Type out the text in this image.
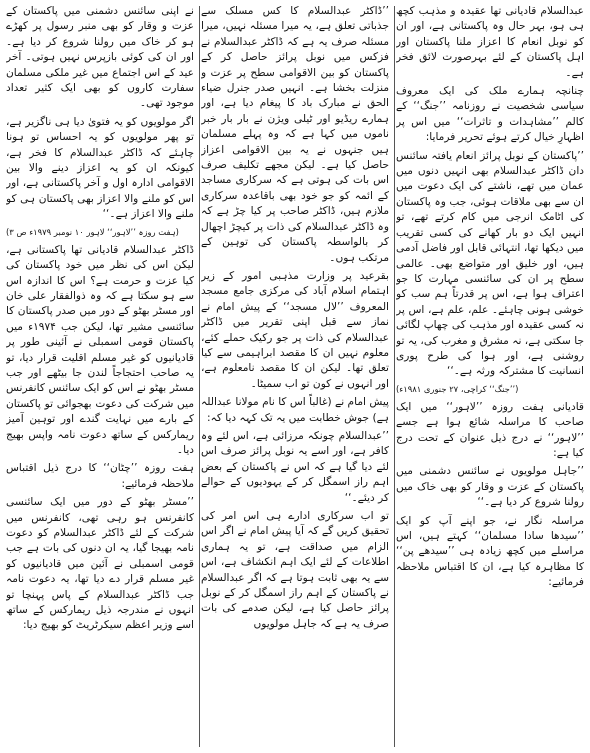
عبدالسلام قادیانی تھا عقیدہ و مذہب کچھ ہی ہو، بہر حال وہ پاکستانی ہے، اور ان کو نوبل انعام کا اعزاز ملنا پاکستان اور اہل پاکستان کے لئے بہرصورت لائق فخر ہے۔

چنانچہ ہمارے ملک کی ایک معروف سیاسی شخصیت نے روزنامہ ’’جنگ‘‘ کے کالم ’’مشاہدات و تاثرات‘‘ میں اس پر اظہارِ خیال کرتے ہوئے تحریر فرمایا:

’’پاکستان کے نوبل پرائز انعام یافتہ سائنس دان ڈاکٹر عبدالسلام بھی انہیں دنوں میں عمان میں تھے، ناشتے کی ایک دعوت میں ان سے بھی ملاقات ہوئی، جب وہ پاکستان کی اٹامک انرجی میں کام کرتے تھے، تو انہیں ایک دو بار کھانے کی کسی تقریب میں دیکھا تھا، انتہائی قابل اور فاضل آدمی ہیں، اور خلیق اور متواضع بھی۔ عالمی سطح پر ان کی سائنسی مہارت کا جو اعتراف ہوا ہے، اس پر قدرتاً ہم سب کو خوشی ہونی چاہئے۔ علم، علم ہے، اس پر نہ کسی عقیدہ اور مذہب کی چھاپ لگائی جا سکتی ہے، نہ مشرق و مغرب کی، یہ تو روشنی ہے، اور ہوا کی طرح پوری انسانیت کا مشترکہ ورثہ ہے۔‘‘

(’’جنگ‘‘ کراچی، ۲۷ جنوری ۱۹۸۱ء)

قادیانی ہفت روزہ ’’لاہور‘‘ میں ایک صاحب کا مراسلہ شائع ہوا ہے جسے ’’لاہور‘‘ نے درج ذیل عنوان کے تحت درج کیا ہے:

’’جاہل مولویوں نے سائنس دشمنی میں پاکستان کے عزت و وقار کو بھی خاک میں رولنا شروع کر دیا ہے۔‘‘

مراسلہ نگار نے، جو اپنے آپ کو ایک ’’سیدھا سادا مسلمان‘‘ کہتے ہیں، اس مراسلے میں کچھ زیادہ ہی ’’سیدھے پن‘‘ کا مظاہرہ کیا ہے، ان کا اقتباس ملاحظہ فرمائیے:

’’ڈاکٹر عبدالسلام کا کس مسلک سے جذباتی تعلق ہے، یہ میرا مسئلہ نہیں، میرا مسئلہ صرف یہ ہے کہ ڈاکٹر عبدالسلام نے فزکس میں نوبل پرائز حاصل کر کے پاکستان کو بین الاقوامی سطح پر عزت و منزلت بخشا ہے۔ انہیں صدر جنرل ضیاء الحق نے مبارک باد کا پیغام دیا ہے، اور ہمارے ریڈیو اور ٹیلی ویژن نے بار بار خبر ناموں میں کہا ہے کہ وہ پہلے مسلمان ہیں جنہوں نے یہ بین الاقوامی اعزاز حاصل کیا ہے۔ لیکن مجھے تکلیف صرف اس بات کی ہوتی ہے کہ سرکاری مساجد کے ائمہ کو جو خود بھی باقاعدہ سرکاری ملازم ہیں، ڈاکٹر صاحب پر کیا چڑ ہے کہ وہ ڈاکٹر عبدالسلام کی ذات پر کیچڑ اچھال کر بالواسطہ پاکستان کی توہین کے مرتکب ہوں۔

بقرعید پر وزارت مذہبی امور کے زیر اہتمام اسلام آباد کی مرکزی جامع مسجد المعروف ’’لال مسجد‘‘ کے پیش امام نے نماز سے قبل اپنی تقریر میں ڈاکٹر عبدالسلام کی ذات پر جو رکیک حملے کئے، معلوم نہیں ان کا مقصد ابراہیمی سے کیا تعلق تھا۔ لیکن ان کا مقصد نامعلوم ہے، اور انہوں نے کون تو اب سمیٹا۔

پیش امام نے (غالباً اس کا نام مولانا عبداللہ ہے) جوش خطابت میں یہ تک کہہ دیا کہ:

’’عبدالسلام چونکہ مرزائی ہے، اس لئے وہ کافر ہے، اور اسے یہ نوبل پرائز صرف اس لئے دیا گیا ہے کہ اس نے پاکستان کے بعض اہم راز اسمگل کر کے یہودیوں کے حوالے کر دیئے۔‘‘

تو اب سرکاری ادارے ہی اس امر کی تحقیق کریں گے کہ آیا پیش امام نے اگر اس الزام میں صداقت ہے، تو یہ ہماری اطلاعات کے لئے ایک اہم انکشاف ہے، اس سے یہ بھی ثابت ہوتا ہے کہ اگر عبدالسلام نے پاکستان کے اہم راز اسمگل کر کے نوبل پرائز حاصل کیا ہے، لیکن صدمے کی بات صرف یہ ہے کہ جاہل مولویوں

نے اپنی سائنس دشمنی میں پاکستان کے عزت و وقار کو بھی منبر رسول پر کھڑے ہو کر خاک میں رولنا شروع کر دیا ہے۔ اور ان کی کوئی بازپرس نہیں ہوتی۔ آخر عید کے اس اجتماع میں غیر ملکی مسلمان سفارت کاروں کو بھی ایک کثیر تعداد موجود تھی۔

اگر مولویوں کو یہ فتویٰ دیا ہی ناگزیر ہے، تو پھر مولویوں کو یہ احساس تو ہونا چاہئے کہ ڈاکٹر عبدالسلام کا فخر ہے، کیونکہ ان کو یہ اعزاز دینے والا بین الاقوامی ادارہ اول و آخر پاکستانی ہے، اور اس کو ملنے والا اعزاز بھی پاکستان ہی کو ملنے والا اعزاز ہے۔‘‘

(ہفت روزہ ’’لاہور‘‘ لاہور ۱۰ نومبر ۱۹۷۹ء ص ۳)

ڈاکٹر عبدالسلام قادیانی تھا پاکستانی ہے، لیکن اس کی نظر میں خود پاکستان کی کیا عزت و حرمت ہے؟ اس کا اندازہ اس سے ہو سکتا ہے کہ وہ ذوالفقار علی خان اور مسٹر بھٹو کے دور میں صدر پاکستان کا سائنسی مشیر تھا، لیکن جب ۱۹۷۴ء میں پاکستان قومی اسمبلی نے آئینی طور پر قادیانیوں کو غیر مسلم اقلیت قرار دیا، تو یہ صاحب احتجاجاً لندن جا بیٹھے اور جب مسٹر بھٹو نے اس کو ایک سائنس کانفرنس میں شرکت کی دعوت بھجوائی تو پاکستان کے بارے میں نہایت گندے اور توہین آمیز ریمارکس کے ساتھ دعوت نامہ واپس بھیج دیا۔

ہفت روزہ ’’چٹان‘‘ کا درج ذیل اقتباس ملاحظہ فرمائیے:

’’مسٹر بھٹو کے دور میں ایک سائنسی کانفرنس ہو رہی تھی، کانفرنس میں شرکت کے لئے ڈاکٹر عبدالسلام کو دعوت نامہ بھیجا گیا، یہ ان دنوں کی بات ہے جب قومی اسمبلی نے آئین میں قادیانیوں کو غیر مسلم قرار دے دیا تھا، یہ دعوت نامہ جب ڈاکٹر عبدالسلام کے پاس پہنچا تو انہوں نے مندرجہ ذیل ریمارکس کے ساتھ اسے وزیر اعظم سیکرٹریٹ کو بھیج دیا:
